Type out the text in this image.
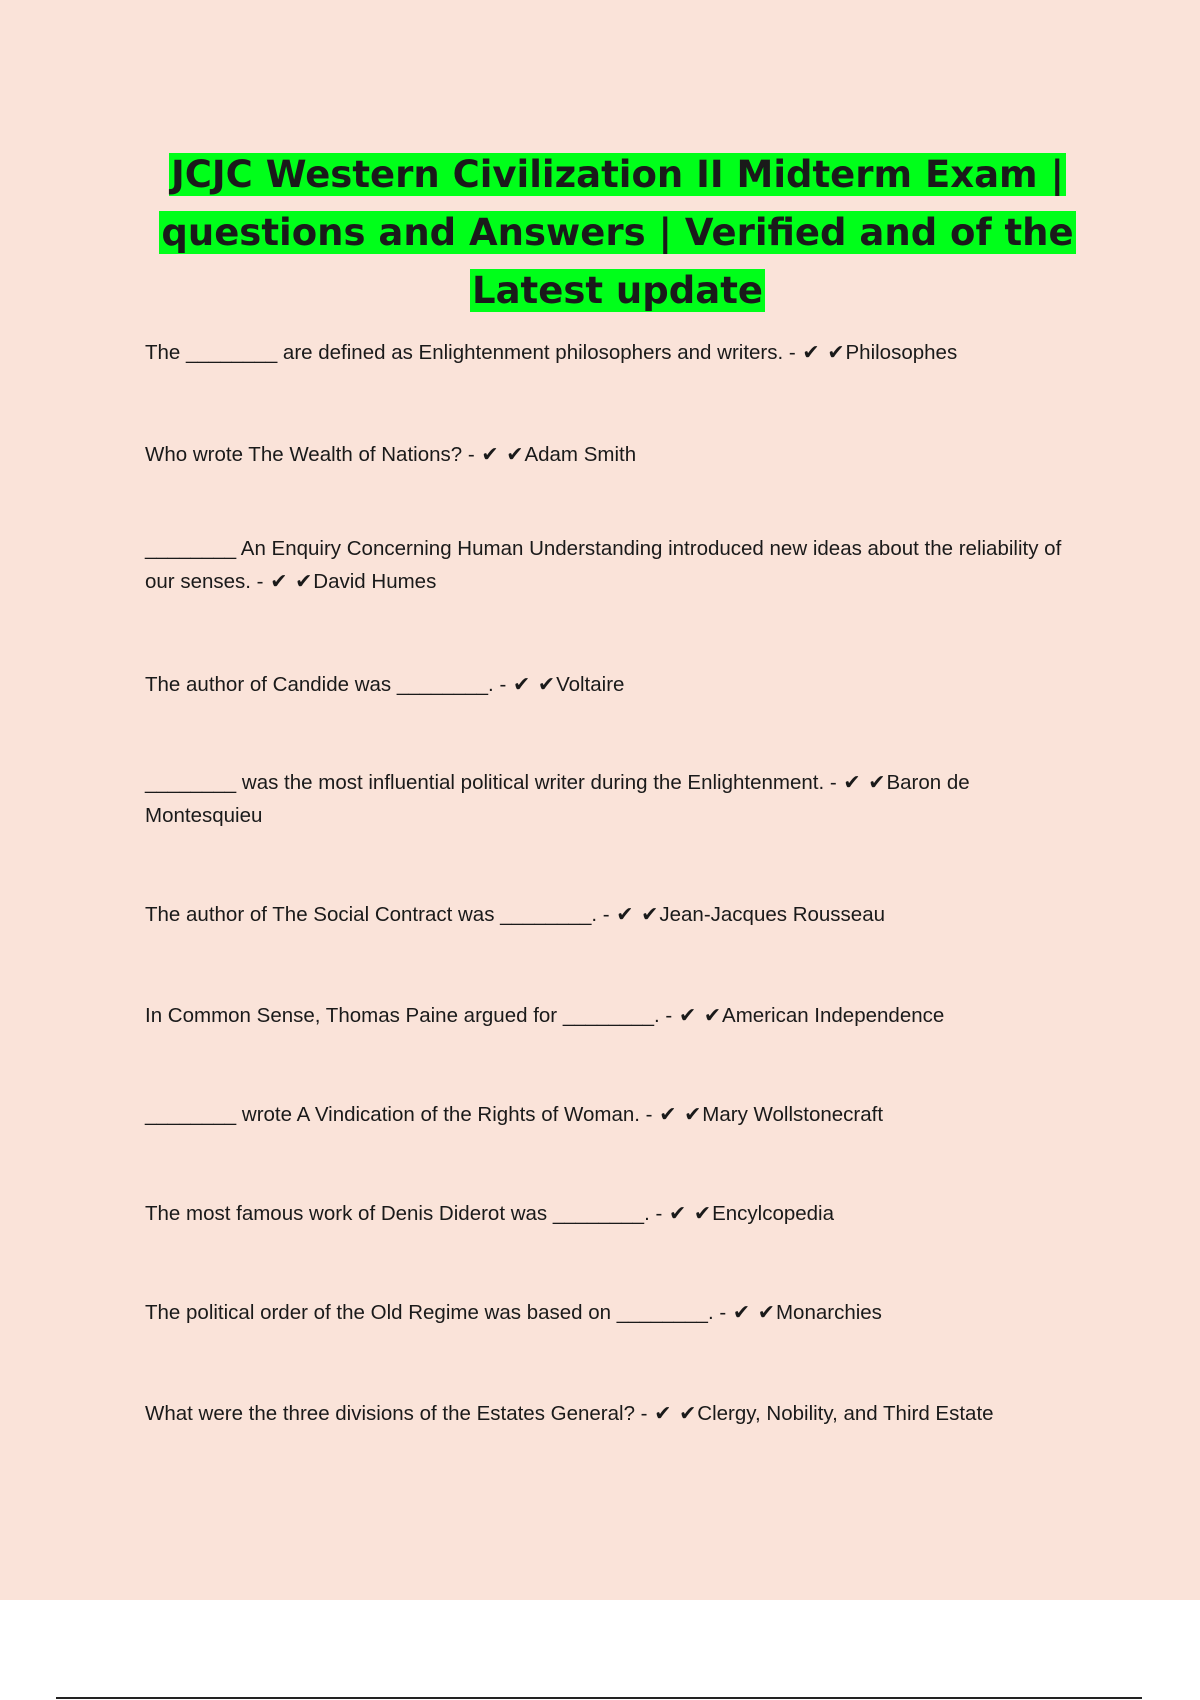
JCJC Western Civilization II Midterm Exam | questions and Answers | Verified and of the Latest update

The ________ are defined as Enlightenment philosophers and writers. - ✔ ✔Philosophes

Who wrote The Wealth of Nations? - ✔ ✔Adam Smith

________ An Enquiry Concerning Human Understanding introduced new ideas about the reliability of our senses. - ✔ ✔David Humes

The author of Candide was ________. - ✔ ✔Voltaire

________ was the most influential political writer during the Enlightenment. - ✔ ✔Baron de Montesquieu

The author of The Social Contract was ________. - ✔ ✔Jean-Jacques Rousseau

In Common Sense, Thomas Paine argued for ________. - ✔ ✔American Independence

________ wrote A Vindication of the Rights of Woman. - ✔ ✔Mary Wollstonecraft

The most famous work of Denis Diderot was ________. - ✔ ✔Encylcopedia

The political order of the Old Regime was based on ________. - ✔ ✔Monarchies

What were the three divisions of the Estates General? - ✔ ✔Clergy, Nobility, and Third Estate
